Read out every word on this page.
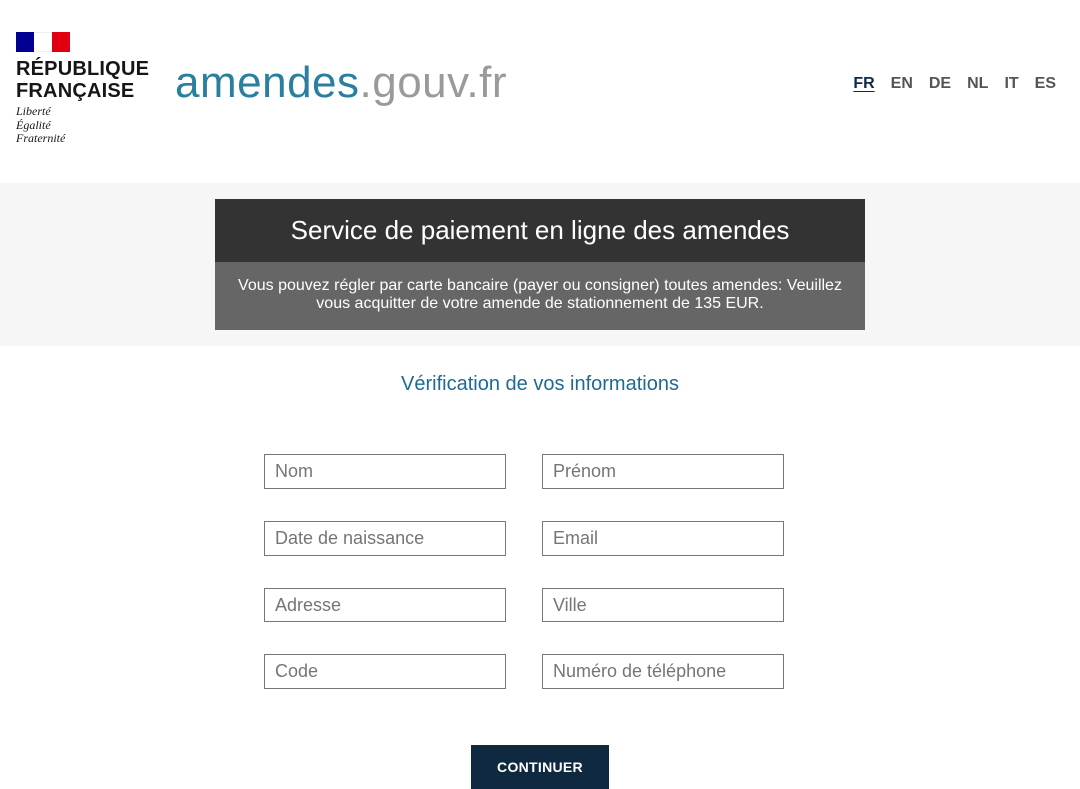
RÉPUBLIQUE
FRANÇAISE
Liberté
Égalité
Fraternité
amendes.gouv.fr	FR EN DE NL IT ES
Service de paiement en ligne des amendes
Vous pouvez régler par carte bancaire (payer ou consigner) toutes amendes: Veuillez vous acquitter de votre amende de stationnement de 135 EUR.
Vérification de vos informations
Nom
Prénom
Date de naissance
Email
Adresse
Ville
Code
Numéro de téléphone
CONTINUER
